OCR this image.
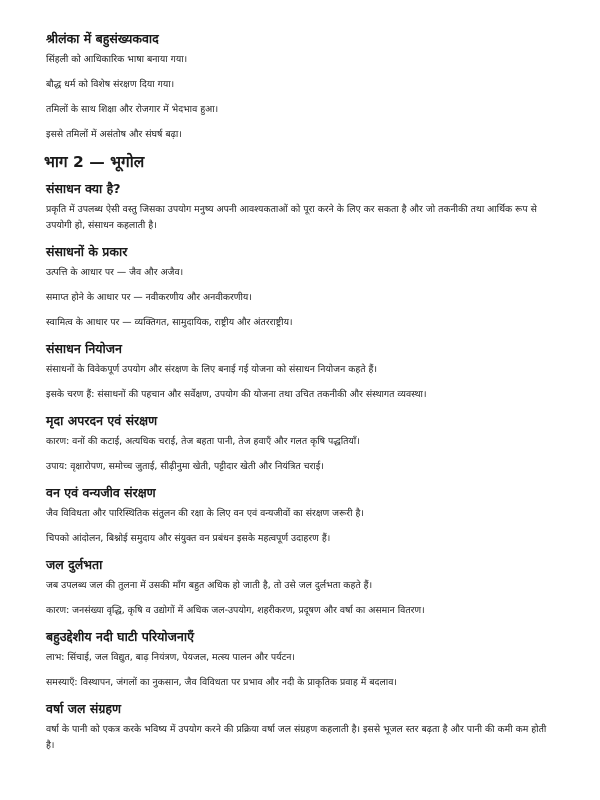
श्रीलंका में बहुसंख्यकवाद

सिंहली को आधिकारिक भाषा बनाया गया।

बौद्ध धर्म को विशेष संरक्षण दिया गया।

तमिलों के साथ शिक्षा और रोजगार में भेदभाव हुआ।

इससे तमिलों में असंतोष और संघर्ष बढ़ा।

भाग 2 — भूगोल
संसाधन क्या है?

प्रकृति में उपलब्ध ऐसी वस्तु जिसका उपयोग मनुष्य अपनी आवश्यकताओं को पूरा करने के लिए कर सकता है और जो तकनीकी तथा आर्थिक रूप से उपयोगी हो, संसाधन कहलाती है।

संसाधनों के प्रकार

उत्पत्ति के आधार पर — जैव और अजैव।

समाप्त होने के आधार पर — नवीकरणीय और अनवीकरणीय।

स्वामित्व के आधार पर — व्यक्तिगत, सामुदायिक, राष्ट्रीय और अंतरराष्ट्रीय।

संसाधन नियोजन

संसाधनों के विवेकपूर्ण उपयोग और संरक्षण के लिए बनाई गई योजना को संसाधन नियोजन कहते हैं।

इसके चरण हैं: संसाधनों की पहचान और सर्वेक्षण, उपयोग की योजना तथा उचित तकनीकी और संस्थागत व्यवस्था।

मृदा अपरदन एवं संरक्षण

कारण: वनों की कटाई, अत्यधिक चराई, तेज बहता पानी, तेज हवाएँ और गलत कृषि पद्धतियाँ।

उपाय: वृक्षारोपण, समोच्च जुताई, सीढ़ीनुमा खेती, पट्टीदार खेती और नियंत्रित चराई।

वन एवं वन्यजीव संरक्षण

जैव विविधता और पारिस्थितिक संतुलन की रक्षा के लिए वन एवं वन्यजीवों का संरक्षण जरूरी है।

चिपको आंदोलन, बिश्नोई समुदाय और संयुक्त वन प्रबंधन इसके महत्वपूर्ण उदाहरण हैं।

जल दुर्लभता

जब उपलब्ध जल की तुलना में उसकी माँग बहुत अधिक हो जाती है, तो उसे जल दुर्लभता कहते हैं।

कारण: जनसंख्या वृद्धि, कृषि व उद्योगों में अधिक जल-उपयोग, शहरीकरण, प्रदूषण और वर्षा का असमान वितरण।

बहुउद्देशीय नदी घाटी परियोजनाएँ

लाभ: सिंचाई, जल विद्युत, बाढ़ नियंत्रण, पेयजल, मत्स्य पालन और पर्यटन।

समस्याएँ: विस्थापन, जंगलों का नुकसान, जैव विविधता पर प्रभाव और नदी के प्राकृतिक प्रवाह में बदलाव।

वर्षा जल संग्रहण

वर्षा के पानी को एकत्र करके भविष्य में उपयोग करने की प्रक्रिया वर्षा जल संग्रहण कहलाती है। इससे भूजल स्तर बढ़ता है और पानी की कमी कम होती है।
